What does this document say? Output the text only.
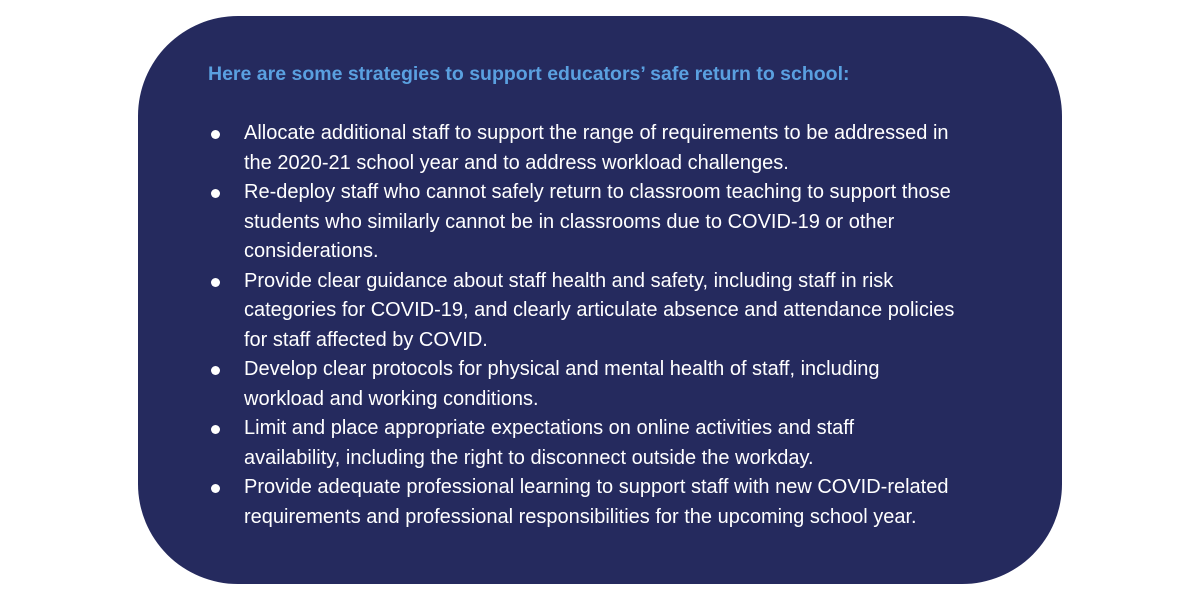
Here are some strategies to support educators’ safe return to school:

Allocate additional staff to support the range of requirements to be addressed in
the 2020-21 school year and to address workload challenges.
Re-deploy staff who cannot safely return to classroom teaching to support those
students who similarly cannot be in classrooms due to COVID-19 or other
considerations.
Provide clear guidance about staff health and safety, including staff in risk
categories for COVID-19, and clearly articulate absence and attendance policies
for staff affected by COVID.
Develop clear protocols for physical and mental health of staff, including
workload and working conditions.
Limit and place appropriate expectations on online activities and staff
availability, including the right to disconnect outside the workday.
Provide adequate professional learning to support staff with new COVID-related
requirements and professional responsibilities for the upcoming school year.
